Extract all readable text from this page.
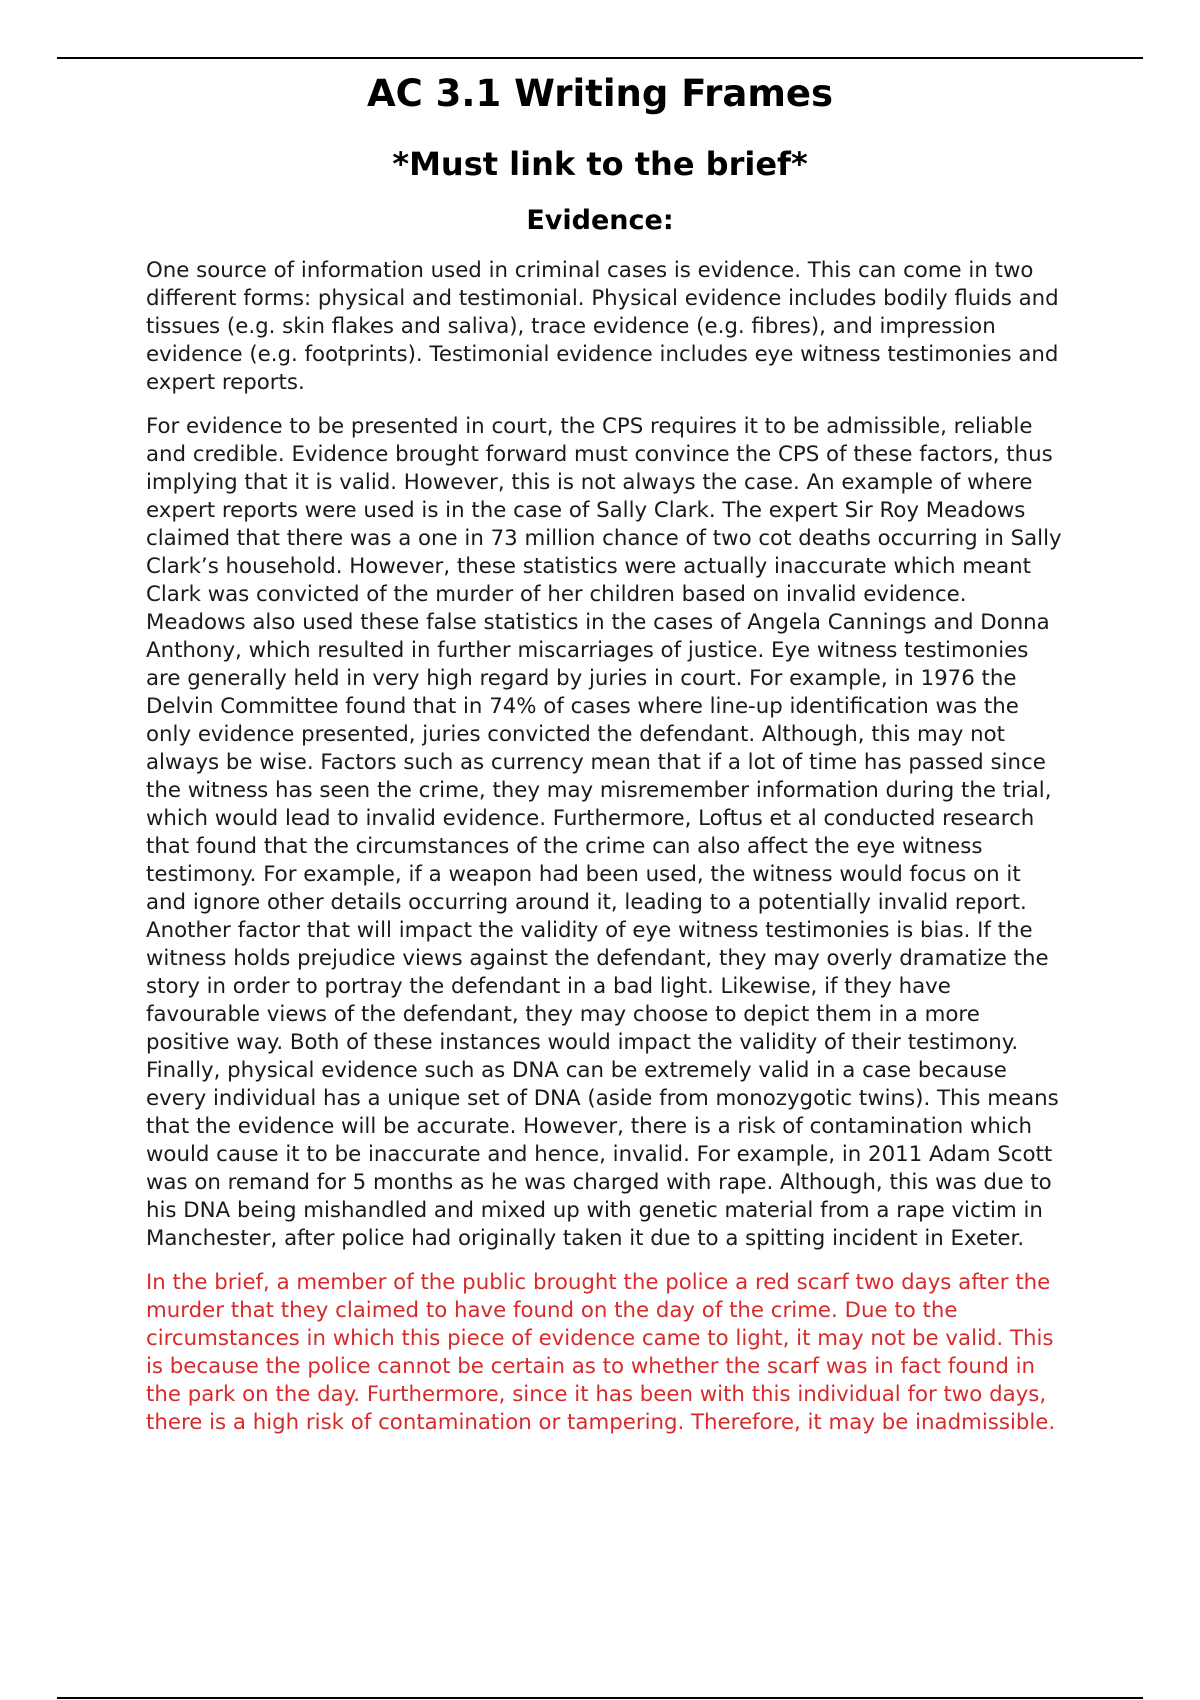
AC 3.1 Writing Frames
*Must link to the brief*
Evidence:

One source of information used in criminal cases is evidence. This can come in two different forms: physical and testimonial. Physical evidence includes bodily fluids and tissues (e.g. skin flakes and saliva), trace evidence (e.g. fibres), and impression evidence (e.g. footprints). Testimonial evidence includes eye witness testimonies and expert reports.

For evidence to be presented in court, the CPS requires it to be admissible, reliable and credible. Evidence brought forward must convince the CPS of these factors, thus implying that it is valid. However, this is not always the case. An example of where expert reports were used is in the case of Sally Clark. The expert Sir Roy Meadows claimed that there was a one in 73 million chance of two cot deaths occurring in Sally Clark’s household. However, these statistics were actually inaccurate which meant Clark was convicted of the murder of her children based on invalid evidence. Meadows also used these false statistics in the cases of Angela Cannings and Donna Anthony, which resulted in further miscarriages of justice. Eye witness testimonies are generally held in very high regard by juries in court. For example, in 1976 the Delvin Committee found that in 74% of cases where line-up identification was the only evidence presented, juries convicted the defendant. Although, this may not always be wise. Factors such as currency mean that if a lot of time has passed since the witness has seen the crime, they may misremember information during the trial, which would lead to invalid evidence. Furthermore, Loftus et al conducted research that found that the circumstances of the crime can also affect the eye witness testimony. For example, if a weapon had been used, the witness would focus on it and ignore other details occurring around it, leading to a potentially invalid report. Another factor that will impact the validity of eye witness testimonies is bias. If the witness holds prejudice views against the defendant, they may overly dramatize the story in order to portray the defendant in a bad light. Likewise, if they have favourable views of the defendant, they may choose to depict them in a more positive way. Both of these instances would impact the validity of their testimony. Finally, physical evidence such as DNA can be extremely valid in a case because every individual has a unique set of DNA (aside from monozygotic twins). This means that the evidence will be accurate. However, there is a risk of contamination which would cause it to be inaccurate and hence, invalid. For example, in 2011 Adam Scott was on remand for 5 months as he was charged with rape. Although, this was due to his DNA being mishandled and mixed up with genetic material from a rape victim in Manchester, after police had originally taken it due to a spitting incident in Exeter.

In the brief, a member of the public brought the police a red scarf two days after the murder that they claimed to have found on the day of the crime. Due to the circumstances in which this piece of evidence came to light, it may not be valid. This is because the police cannot be certain as to whether the scarf was in fact found in the park on the day. Furthermore, since it has been with this individual for two days, there is a high risk of contamination or tampering. Therefore, it may be inadmissible.
